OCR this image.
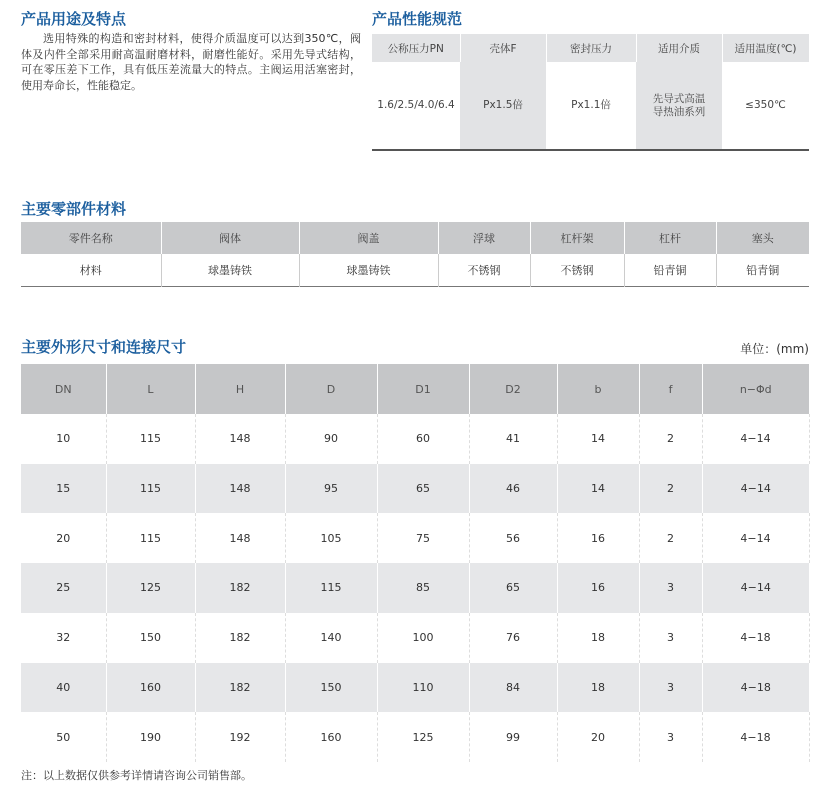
产品用途及特点

选用特殊的构造和密封材料，使得介质温度可以达到350℃，阀体及内件全部采用耐高温耐磨材料，耐磨性能好。采用先导式结构，可在零压差下工作，具有低压差流量大的特点。主阀运用活塞密封，使用寿命长，性能稳定。

产品性能规范
公称压力PN	壳体F	密封压力	适用介质	适用温度(℃)
1.6/2.5/4.0/6.4	Px1.5倍	Px1.1倍	先导式高温导热油系列	≤350℃
主要零部件材料
零件名称	阀体	阀盖	浮球	杠杆架	杠杆	塞头
材料	球墨铸铁	球墨铸铁	不锈钢	不锈钢	铅青铜	铅青铜
主要外形尺寸和连接尺寸	单位：(mm)
DN	L	H	D	D1	D2	b	f	n−Φd
10	115	148	90	60	41	14	2	4−14
15	115	148	95	65	46	14	2	4−14
20	115	148	105	75	56	16	2	4−14
25	125	182	115	85	65	16	3	4−14
32	150	182	140	100	76	18	3	4−18
40	160	182	150	110	84	18	3	4−18
50	190	192	160	125	99	20	3	4−18
注：以上数据仅供参考详情请咨询公司销售部。
